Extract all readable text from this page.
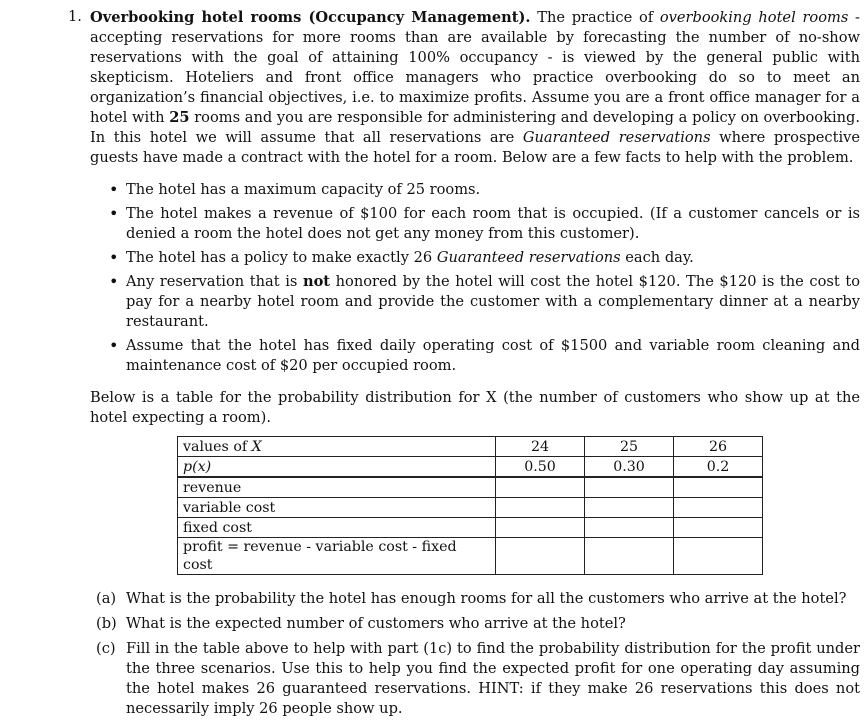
1. Overbooking hotel rooms (Occupancy Management). The practice of overbooking hotel rooms - accepting reservations for more rooms than are available by forecasting the number of no-show reservations with the goal of attaining 100% occupancy - is viewed by the general public with skepticism. Hoteliers and front office managers who practice overbooking do so to meet an organization’s financial objectives, i.e. to maximize profits. Assume you are a front office manager for a hotel with 25 rooms and you are responsible for administering and developing a policy on overbooking. In this hotel we will assume that all reservations are Guaranteed reservations where prospective guests have made a contract with the hotel for a room. Below are a few facts to help with the problem.

• The hotel has a maximum capacity of 25 rooms.
• The hotel makes a revenue of $100 for each room that is occupied. (If a customer cancels or is denied a room the hotel does not get any money from this customer).
• The hotel has a policy to make exactly 26 Guaranteed reservations each day.
• Any reservation that is not honored by the hotel will cost the hotel $120. The $120 is the cost to pay for a nearby hotel room and provide the customer with a complementary dinner at a nearby restaurant.
• Assume that the hotel has fixed daily operating cost of $1500 and variable room cleaning and maintenance cost of $20 per occupied room.

Below is a table for the probability distribution for X (the number of customers who show up at the hotel expecting a room).

values of X	24	25	26
p(x)	0.50	0.30	0.2
revenue			
variable cost			
fixed cost			
profit = revenue - variable cost - fixed cost			
(a) What is the probability the hotel has enough rooms for all the customers who arrive at the hotel?
(b) What is the expected number of customers who arrive at the hotel?
(c) Fill in the table above to help with part (1c) to find the probability distribution for the profit under the three scenarios. Use this to help you find the expected profit for one operating day assuming the hotel makes 26 guaranteed reservations. HINT: if they make 26 reservations this does not necessarily imply 26 people show up.
